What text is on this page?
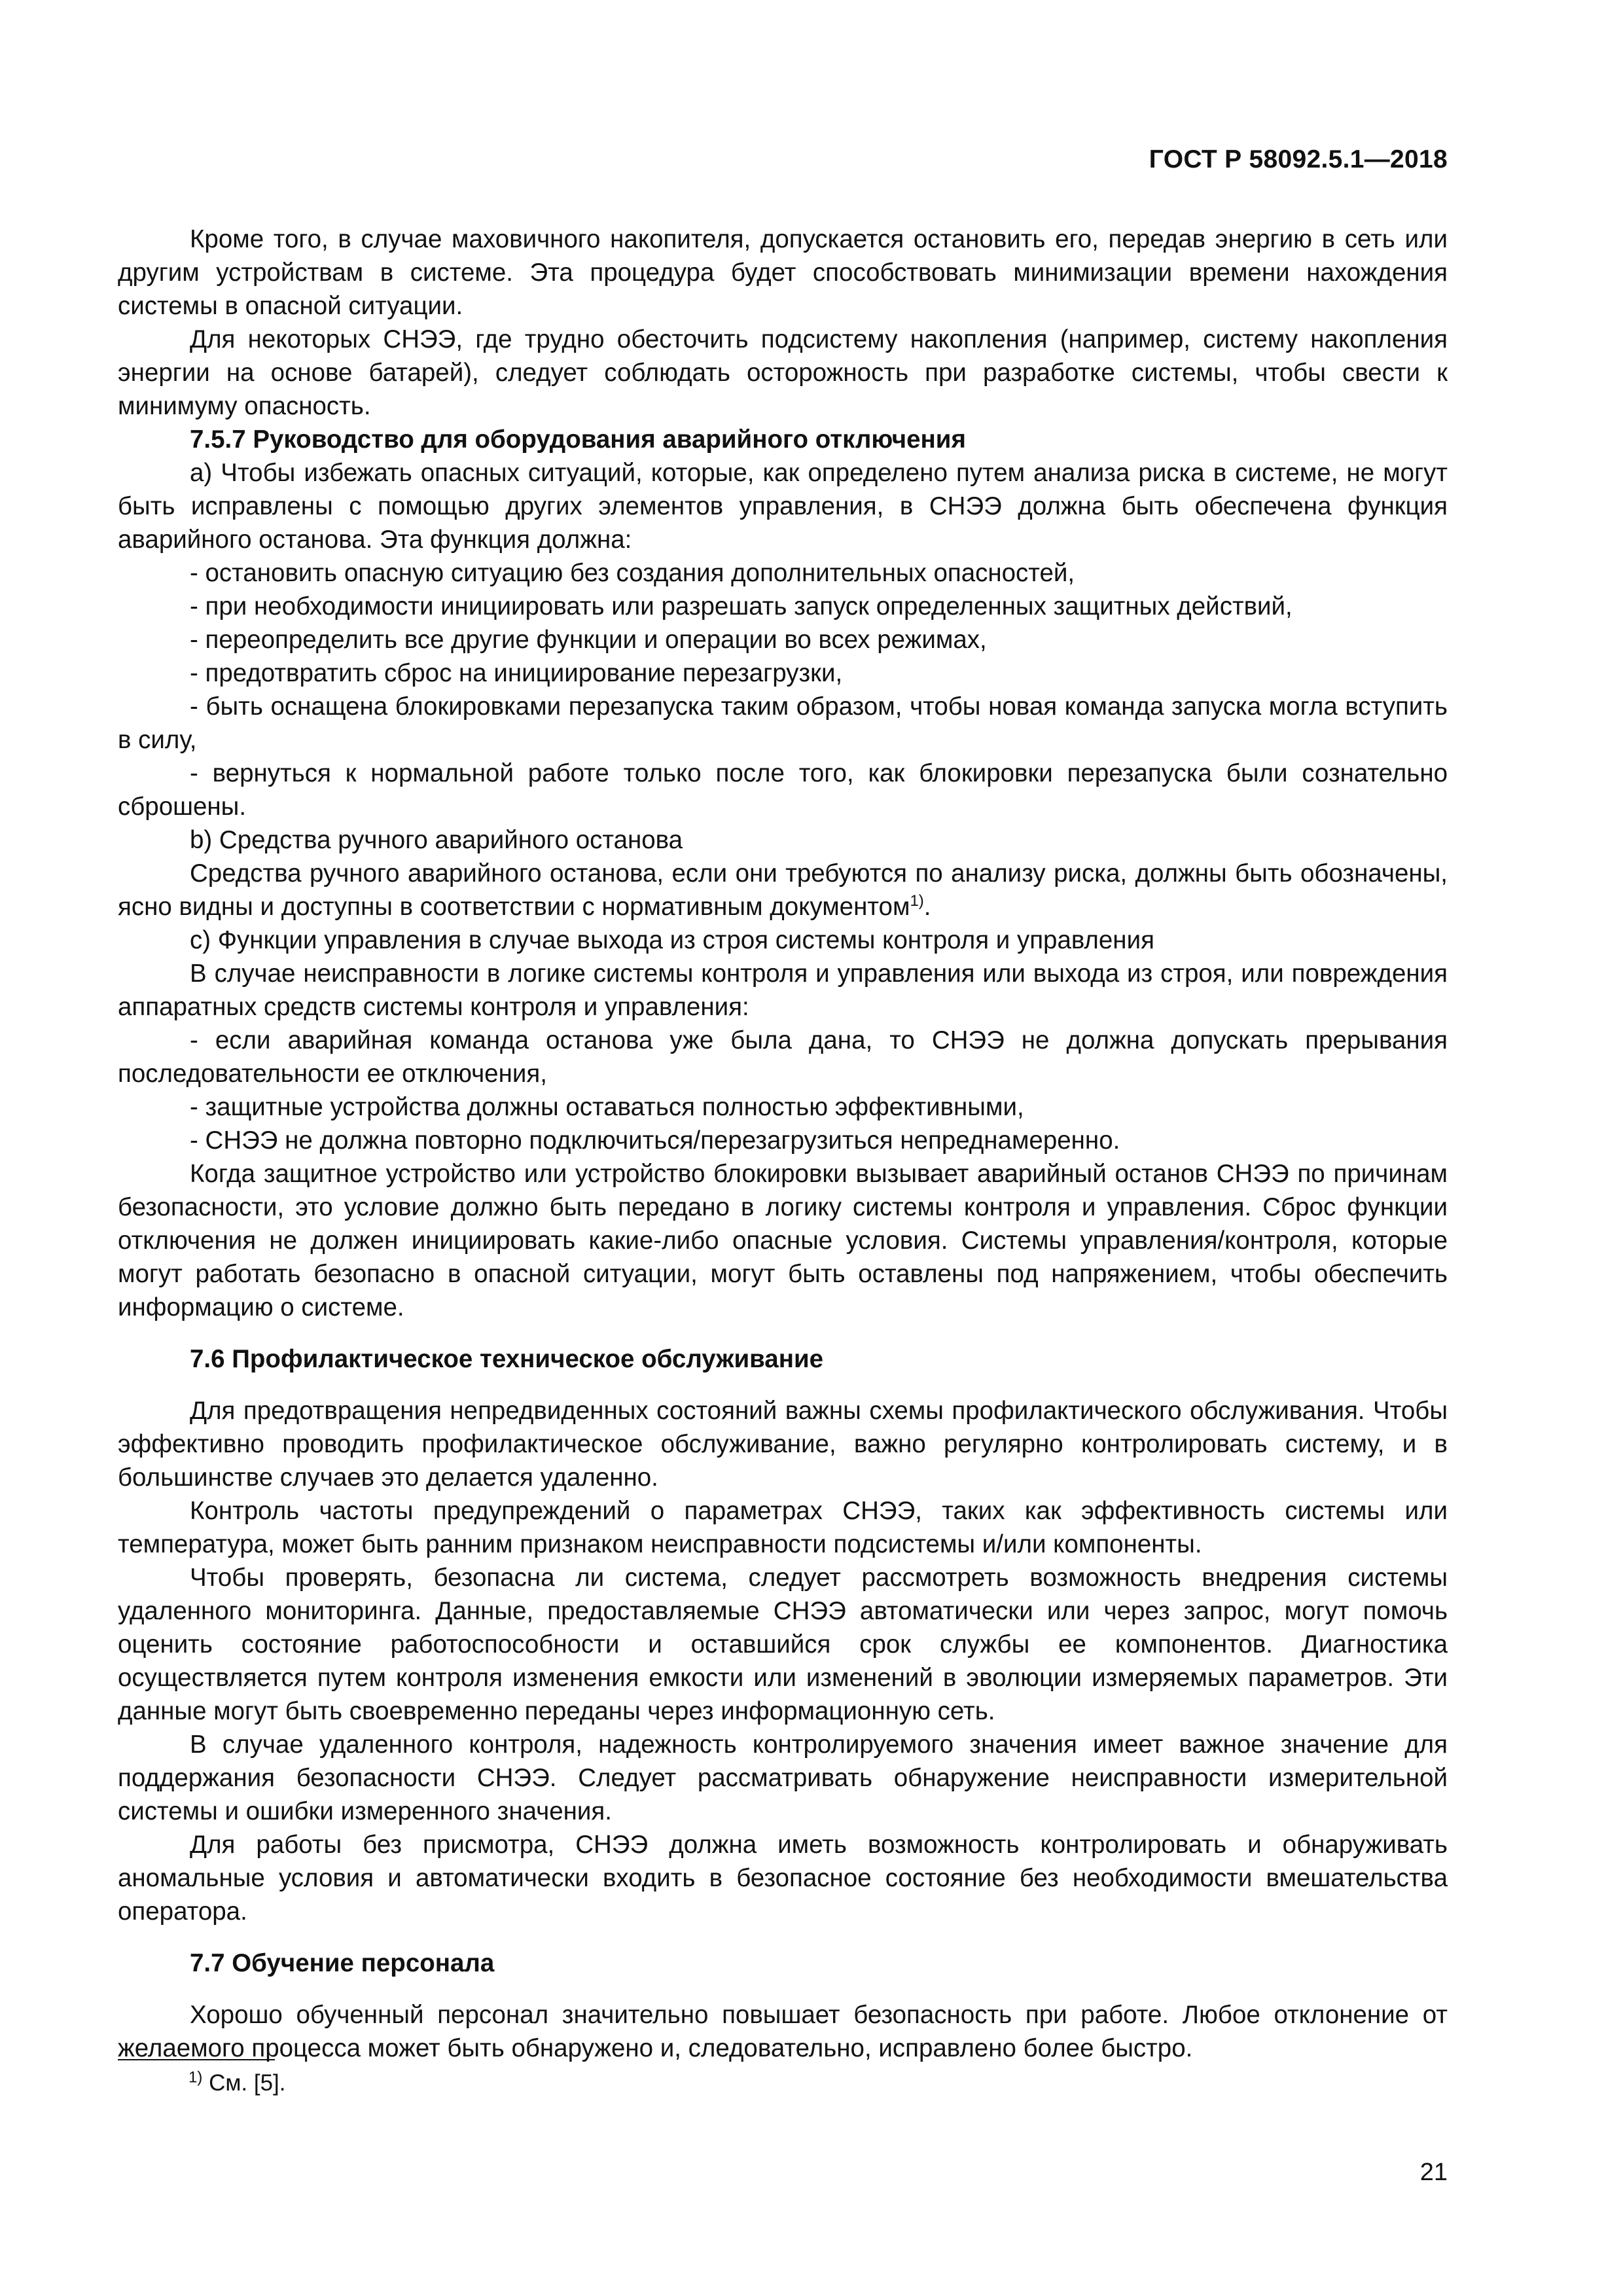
ГОСТ Р 58092.5.1—2018

Кроме того, в случае маховичного накопителя, допускается остановить его, передав энергию в сеть или другим устройствам в системе. Эта процедура будет способствовать минимизации времени нахождения системы в опасной ситуации.

Для некоторых СНЭЭ, где трудно обесточить подсистему накопления (например, систему накопления энергии на основе батарей), следует соблюдать осторожность при разработке системы, чтобы свести к минимуму опасность.

7.5.7 Руководство для оборудования аварийного отключения

а) Чтобы избежать опасных ситуаций, которые, как определено путем анализа риска в системе, не могут быть исправлены с помощью других элементов управления, в СНЭЭ должна быть обеспечена функция аварийного останова. Эта функция должна:

- остановить опасную ситуацию без создания дополнительных опасностей,

- при необходимости инициировать или разрешать запуск определенных защитных действий,

- переопределить все другие функции и операции во всех режимах,

- предотвратить сброс на инициирование перезагрузки,

- быть оснащена блокировками перезапуска таким образом, чтобы новая команда запуска могла вступить в силу,

- вернуться к нормальной работе только после того, как блокировки перезапуска были сознательно сброшены.

b) Средства ручного аварийного останова

Средства ручного аварийного останова, если они требуются по анализу риска, должны быть обозначены, ясно видны и доступны в соответствии с нормативным документом$^{1)}$.

с) Функции управления в случае выхода из строя системы контроля и управления

В случае неисправности в логике системы контроля и управления или выхода из строя, или повреждения аппаратных средств системы контроля и управления:

- если аварийная команда останова уже была дана, то СНЭЭ не должна допускать прерывания последовательности ее отключения,

- защитные устройства должны оставаться полностью эффективными,

- СНЭЭ не должна повторно подключиться/перезагрузиться непреднамеренно.

Когда защитное устройство или устройство блокировки вызывает аварийный останов СНЭЭ по причинам безопасности, это условие должно быть передано в логику системы контроля и управления. Сброс функции отключения не должен инициировать какие-либо опасные условия. Системы управления/контроля, которые могут работать безопасно в опасной ситуации, могут быть оставлены под напряжением, чтобы обеспечить информацию о системе.

7.6 Профилактическое техническое обслуживание

Для предотвращения непредвиденных состояний важны схемы профилактического обслуживания. Чтобы эффективно проводить профилактическое обслуживание, важно регулярно контролировать систему, и в большинстве случаев это делается удаленно.

Контроль частоты предупреждений о параметрах СНЭЭ, таких как эффективность системы или температура, может быть ранним признаком неисправности подсистемы и/или компоненты.

Чтобы проверять, безопасна ли система, следует рассмотреть возможность внедрения системы удаленного мониторинга. Данные, предоставляемые СНЭЭ автоматически или через запрос, могут помочь оценить состояние работоспособности и оставшийся срок службы ее компонентов. Диагностика осуществляется путем контроля изменения емкости или изменений в эволюции измеряемых параметров. Эти данные могут быть своевременно переданы через информационную сеть.

В случае удаленного контроля, надежность контролируемого значения имеет важное значение для поддержания безопасности СНЭЭ. Следует рассматривать обнаружение неисправности измерительной системы и ошибки измеренного значения.

Для работы без присмотра, СНЭЭ должна иметь возможность контролировать и обнаруживать аномальные условия и автоматически входить в безопасное состояние без необходимости вмешательства оператора.

7.7 Обучение персонала

Хорошо обученный персонал значительно повышает безопасность при работе. Любое отклонение от желаемого процесса может быть обнаружено и, следовательно, исправлено более быстро.

$^{1)}$ См. [5].
21
